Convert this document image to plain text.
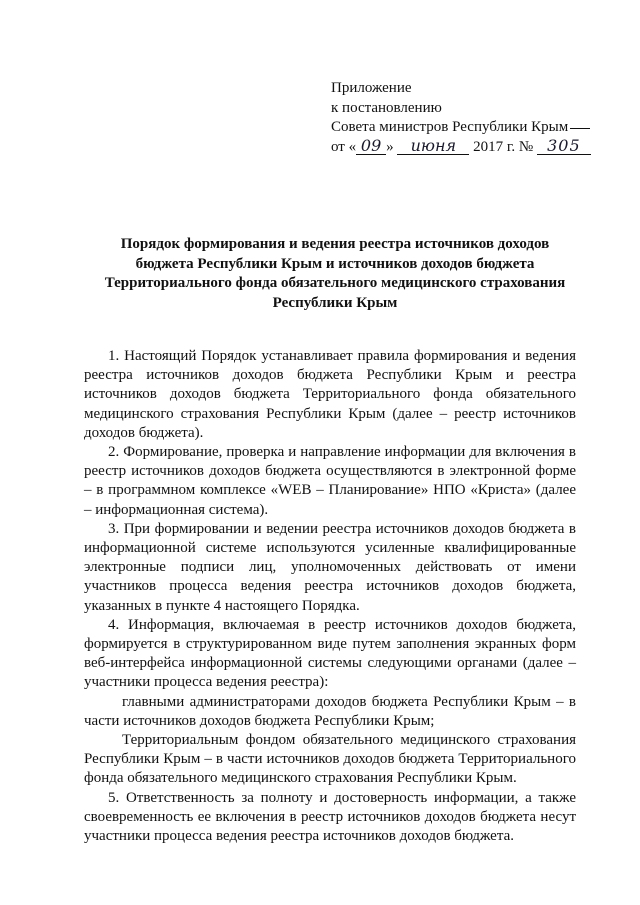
Приложение
к постановлению
Совета министров Республики Крым
от « 09 » июня 2017 г. № 305
Порядок формирования и ведения реестра источников доходов
бюджета Республики Крым и источников доходов бюджета
Территориального фонда обязательного медицинского страхования
Республики Крым

1. Настоящий Порядок устанавливает правила формирования и ведения реестра источников доходов бюджета Республики Крым и реестра источников доходов бюджета Территориального фонда обязательного медицинского страхования Республики Крым (далее – реестр источников доходов бюджета).

2. Формирование, проверка и направление информации для включения в реестр источников доходов бюджета осуществляются в электронной форме – в программном комплексе «WEB – Планирование» НПО «Криста» (далее – информационная система).

3. При формировании и ведении реестра источников доходов бюджета в информационной системе используются усиленные квалифицированные электронные подписи лиц, уполномоченных действовать от имени участников процесса ведения реестра источников доходов бюджета, указанных в пункте 4 настоящего Порядка.

4. Информация, включаемая в реестр источников доходов бюджета, формируется в структурированном виде путем заполнения экранных форм веб-интерфейса информационной системы следующими органами (далее – участники процесса ведения реестра):

главными администраторами доходов бюджета Республики Крым – в части источников доходов бюджета Республики Крым;

Территориальным фондом обязательного медицинского страхования Республики Крым – в части источников доходов бюджета Территориального фонда обязательного медицинского страхования Республики Крым.

5. Ответственность за полноту и достоверность информации, а также своевременность ее включения в реестр источников доходов бюджета несут участники процесса ведения реестра источников доходов бюджета.
